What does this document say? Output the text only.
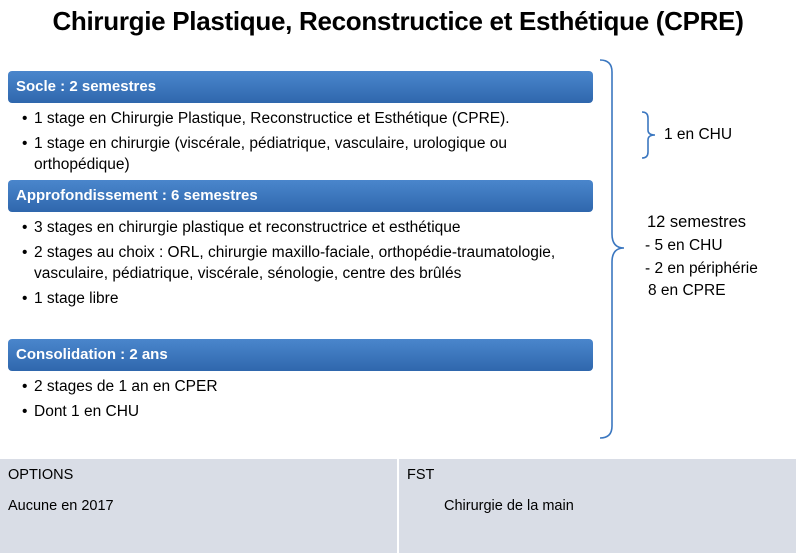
Chirurgie Plastique, Reconstructice et Esthétique (CPRE)
Socle : 2 semestres
• 1 stage en Chirurgie Plastique, Reconstructice et Esthétique (CPRE).
• 1 stage en chirurgie (viscérale, pédiatrique, vasculaire, urologique ou orthopédique)
Approfondissement : 6 semestres
• 3 stages en chirurgie plastique et reconstructrice et esthétique
• 2 stages au choix : ORL, chirurgie maxillo-faciale, orthopédie-traumatologie, vasculaire, pédiatrique, viscérale, sénologie, centre des brûlés
• 1 stage libre
Consolidation : 2 ans
• 2 stages de 1 an en CPER
• Dont 1 en CHU
1 en CHU
12 semestres
- 5 en CHU
- 2 en périphérie
8 en CPRE
OPTIONS
Aucune en 2017
FST
Chirurgie de la main
